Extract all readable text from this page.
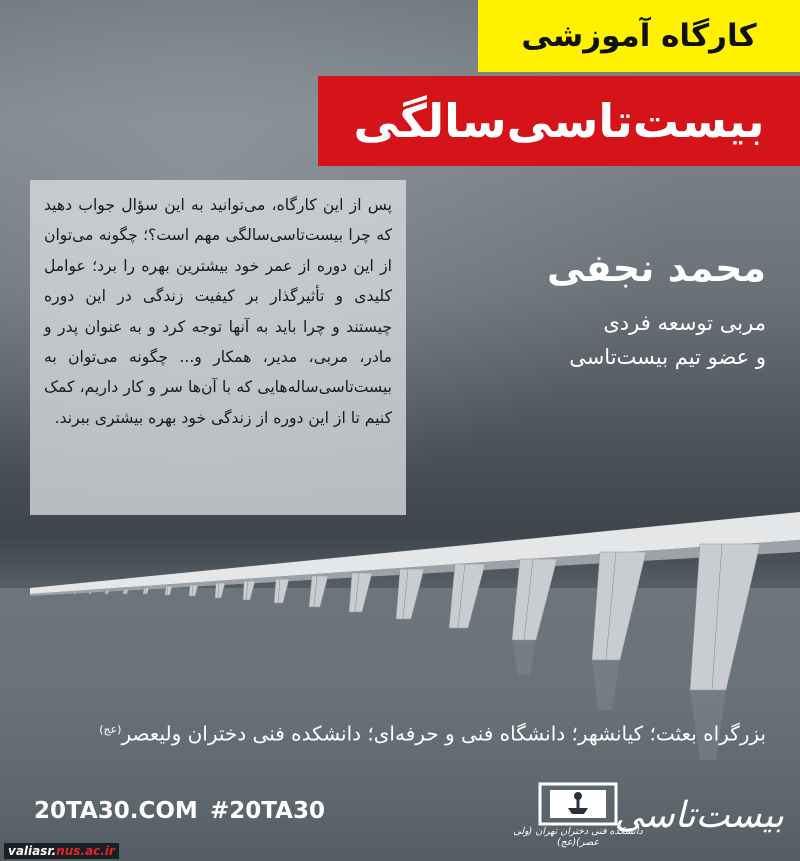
کارگاه آموزشی
بیست‌تاسی‌سالگی

پس از این کارگاه، می‌توانید به این سؤال جواب دهید که چرا بیست‌تاسی‌سالگی مهم است؟؛ چگونه می‌توان از این دوره از عمر خود بیشترین بهره را برد؛ عوامل کلیدی و تأثیرگذار بر کیفیت زندگی در این دوره چیستند و چرا باید به آنها توجه کرد و به عنوان پدر و مادر، مربی، مدیر، همکار و... چگونه می‌توان به بیست‌تاسی‌ساله‌هایی که با آن‌ها سر و کار داریم، کمک کنیم تا از این دوره از زندگی خود بهره بیشتری ببرند.

محمد نجفی
مربی توسعه فردی
و عضو تیم بیست‌تاسی
بزرگراه بعثت؛ کیانشهر؛ دانشگاه فنی و حرفه‌ای؛ دانشکده فنی دختران ولیعصر$^{(عج)}$
20TA30.COM #20TA30
دانشکده فنی دختران تهران (ولی عصر)(عج)
بیست‌تاسی
valiasr.nus.ac.ir
